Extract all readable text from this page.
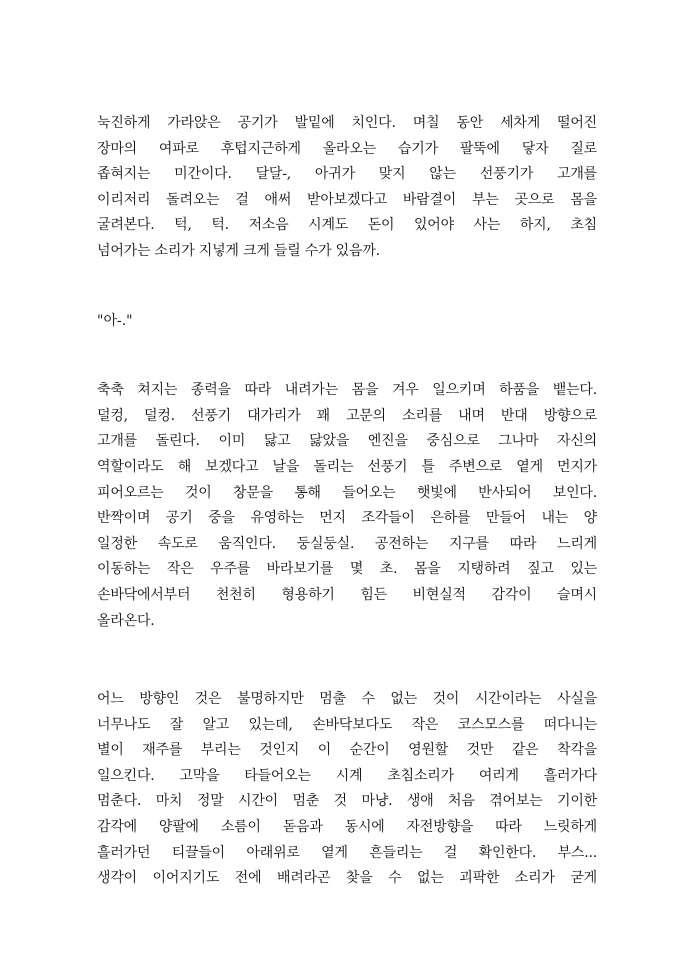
눅진하게 가라앉은 공기가 발밑에 치인다. 며칠 동안 세차게 떨어진
장마의 여파로 후텁지근하게 올라오는 습기가 팔뚝에 닿자 질로
좁혀지는 미간이다. 달달-, 아귀가 맞지 않는 선풍기가 고개를
이리저리 돌려오는 걸 애써 받아보겠다고 바람결이 부는 곳으로 몸을
굴려본다. 턱, 턱. 저소음 시계도 돈이 있어야 사는 하지, 초침
넘어가는 소리가 지넣게 크게 들릴 수가 있음까.
"아-."
축축 쳐지는 종력을 따라 내려가는 몸을 겨우 일으키며 하품을 뱉는다.
덜컹, 덜컹. 선풍기 대가리가 꽤 고문의 소리를 내며 반대 방향으로
고개를 돌린다. 이미 닳고 닳았을 엔진을 중심으로 그나마 자신의
역할이라도 해 보겠다고 날을 돌리는 선풍기 틀 주변으로 옅게 먼지가
피어오르는 것이 창문을 통해 들어오는 햇빛에 반사되어 보인다.
반짝이며 공기 중을 유영하는 먼지 조각들이 은하를 만들어 내는 양
일정한 속도로 움직인다. 둥실둥실. 공전하는 지구를 따라 느리게
이동하는 작은 우주를 바라보기를 몇 초. 몸을 지탱하려 짚고 있는
손바닥에서부터 천천히 형용하기 힘든 비현실적 감각이 슬며시
올라온다.
어느 방향인 것은 불명하지만 멈출 수 없는 것이 시간이라는 사실을
너무나도 잘 알고 있는데, 손바닥보다도 작은 코스모스를 떠다니는
별이 재주를 부리는 것인지 이 순간이 영원할 것만 같은 착각을
일으킨다. 고막을 타들어오는 시계 초침소리가 여리게 흘러가다
멈춘다. 마치 정말 시간이 멈춘 것 마냥. 생애 처음 겪어보는 기이한
감각에 양팔에 소름이 돋음과 동시에 자전방향을 따라 느릿하게
흘러가던 티끌들이 아래위로 옅게 흔들리는 걸 확인한다. 부스...
생각이 이어지기도 전에 배려라곤 찾을 수 없는 괴팍한 소리가 굳게
